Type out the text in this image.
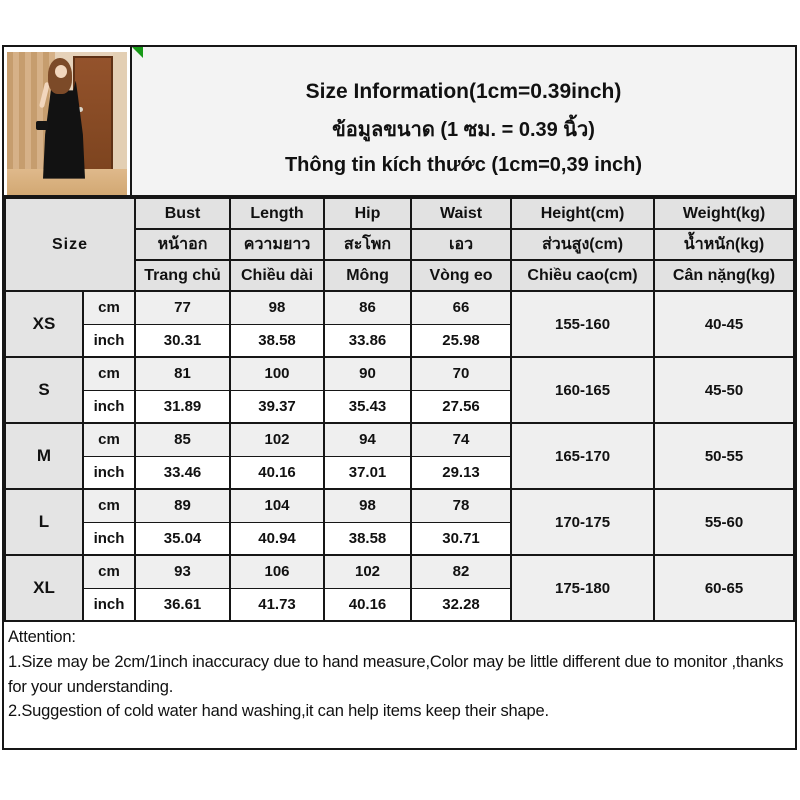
Size Information(1cm=0.39inch)
ข้อมูลขนาด (1 ซม. = 0.39 นิ้ว)
Thông tin kích thước (1cm=0,39 inch)
Size		Bust	Length	Hip	Waist	Height(cm)	Weight(kg)
		หน้าอก	ความยาว	สะโพก	เอว	ส่วนสูง(cm)	น้ำหนัก(kg)
		Trang chủ	Chiều dài	Mông	Vòng eo	Chiều cao(cm)	Cân nặng(kg)
XS	cm	77	98	86	66	155-160	40-45
	inch	30.31	38.58	33.86	25.98		
S	cm	81	100	90	70	160-165	45-50
	inch	31.89	39.37	35.43	27.56		
M	cm	85	102	94	74	165-170	50-55
	inch	33.46	40.16	37.01	29.13		
L	cm	89	104	98	78	170-175	55-60
	inch	35.04	40.94	38.58	30.71		
XL	cm	93	106	102	82	175-180	60-65
	inch	36.61	41.73	40.16	32.28		
Attention:
1.Size may be 2cm/1inch inaccuracy due to hand measure,Color may be little different due to monitor ,thanks for your understanding.
2.Suggestion of cold water hand washing,it can help items keep their shape.
